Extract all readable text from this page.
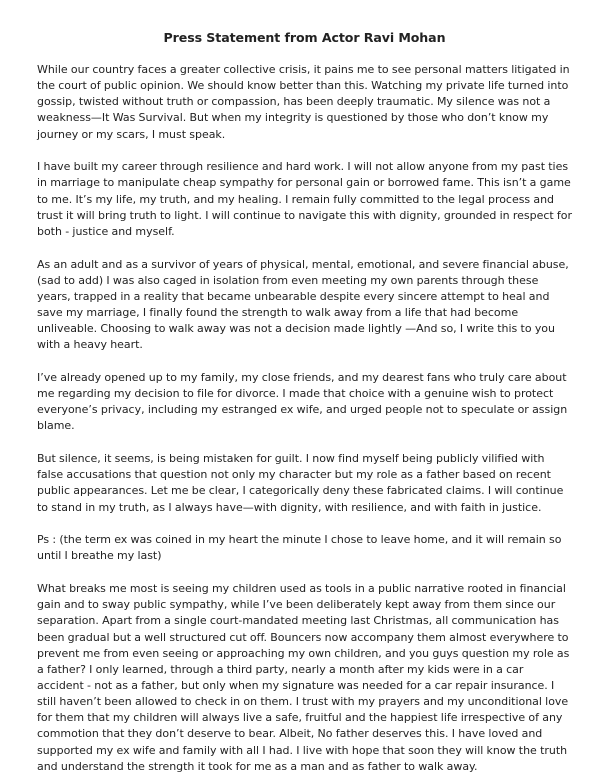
Press Statement from Actor Ravi Mohan

While our country faces a greater collective crisis, it pains me to see personal matters litigated in the court of public opinion. We should know better than this. Watching my private life turned into gossip, twisted without truth or compassion, has been deeply traumatic. My silence was not a weakness—It Was Survival. But when my integrity is questioned by those who don’t know my journey or my scars, I must speak.

I have built my career through resilience and hard work. I will not allow anyone from my past ties in marriage to manipulate cheap sympathy for personal gain or borrowed fame. This isn’t a game to me. It’s my life, my truth, and my healing. I remain fully committed to the legal process and trust it will bring truth to light. I will continue to navigate this with dignity, grounded in respect for both - justice and myself.

As an adult and as a survivor of years of physical, mental, emotional, and severe financial abuse, (sad to add) I was also caged in isolation from even meeting my own parents through these years, trapped in a reality that became unbearable despite every sincere attempt to heal and save my marriage, I finally found the strength to walk away from a life that had become unliveable. Choosing to walk away was not a decision made lightly —And so, I write this to you with a heavy heart.

I’ve already opened up to my family, my close friends, and my dearest fans who truly care about me regarding my decision to file for divorce. I made that choice with a genuine wish to protect everyone’s privacy, including my estranged ex wife, and urged people not to speculate or assign blame.

But silence, it seems, is being mistaken for guilt. I now find myself being publicly vilified with false accusations that question not only my character but my role as a father based on recent public appearances. Let me be clear, I categorically deny these fabricated claims. I will continue to stand in my truth, as I always have—with dignity, with resilience, and with faith in justice.

Ps : (the term ex was coined in my heart the minute I chose to leave home, and it will remain so until I breathe my last)

What breaks me most is seeing my children used as tools in a public narrative rooted in financial gain and to sway public sympathy, while I’ve been deliberately kept away from them since our separation. Apart from a single court-mandated meeting last Christmas, all communication has been gradual but a well structured cut off. Bouncers now accompany them almost everywhere to prevent me from even seeing or approaching my own children, and you guys question my role as a father? I only learned, through a third party, nearly a month after my kids were in a car accident - not as a father, but only when my signature was needed for a car repair insurance. I still haven’t been allowed to check in on them. I trust with my prayers and my unconditional love for them that my children will always live a safe, fruitful and the happiest life irrespective of any commotion that they don’t deserve to bear. Albeit, No father deserves this. I have loved and supported my ex wife and family with all I had. I live with hope that soon they will know the truth and understand the strength it took for me as a man and as father to walk away.
